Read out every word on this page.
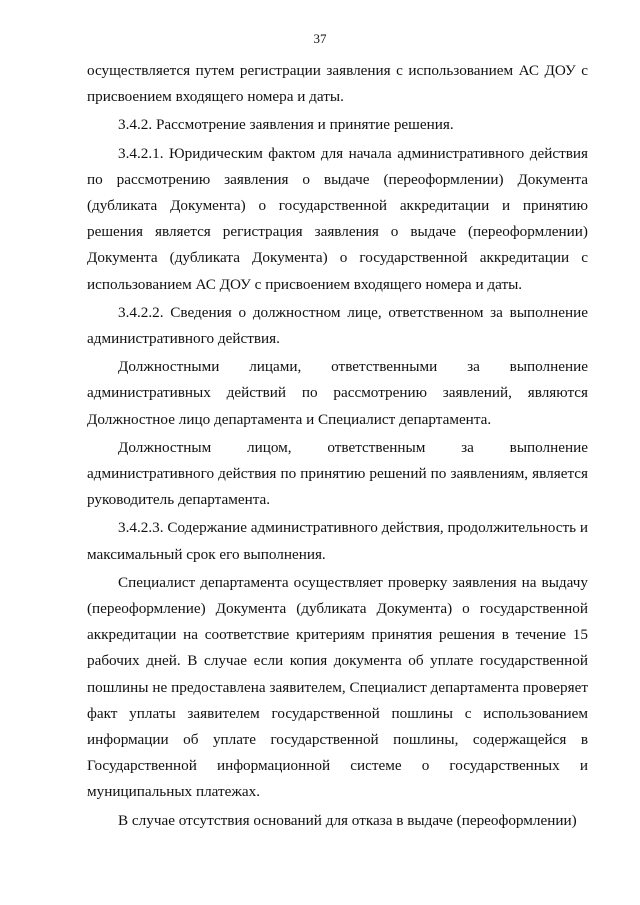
37

осуществляется путем регистрации заявления с использованием АС ДОУ с присвоением входящего номера и даты.

3.4.2. Рассмотрение заявления и принятие решения.

3.4.2.1. Юридическим фактом для начала административного действия по рассмотрению заявления о выдаче (переоформлении) Документа (дубликата Документа) о государственной аккредитации и принятию решения является регистрация заявления о выдаче (переоформлении) Документа (дубликата Документа) о государственной аккредитации с использованием АС ДОУ с присвоением входящего номера и даты.

3.4.2.2. Сведения о должностном лице, ответственном за выполнение административного действия.

Должностными лицами, ответственными за выполнение административных действий по рассмотрению заявлений, являются Должностное лицо департамента и Специалист департамента.

Должностным лицом, ответственным за выполнение административного действия по принятию решений по заявлениям, является руководитель департамента.

3.4.2.3. Содержание административного действия, продолжительность и максимальный срок его выполнения.

Специалист департамента осуществляет проверку заявления на выдачу (переоформление) Документа (дубликата Документа) о государственной аккредитации на соответствие критериям принятия решения в течение 15 рабочих дней. В случае если копия документа об уплате государственной пошлины не предоставлена заявителем, Специалист департамента проверяет факт уплаты заявителем государственной пошлины с использованием информации об уплате государственной пошлины, содержащейся в Государственной информационной системе о государственных и муниципальных платежах.

В случае отсутствия оснований для отказа в выдаче (переоформлении)
